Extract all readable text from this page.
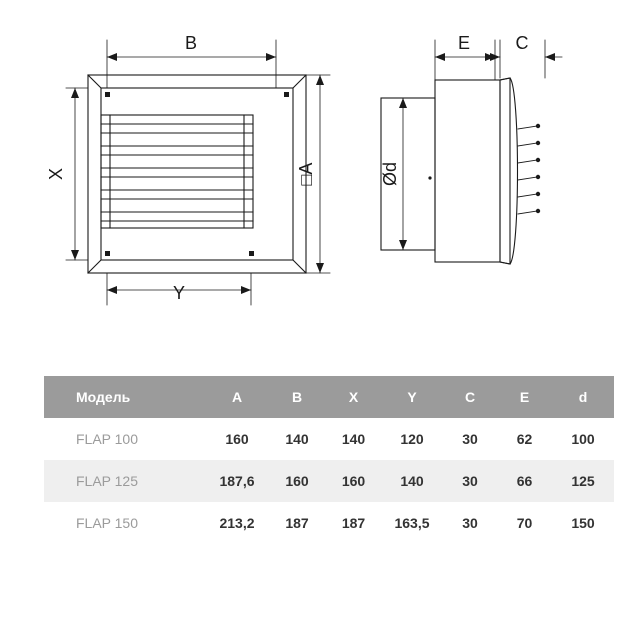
B
Y
E	C
X	□A	Ød
Модель	A	B	X	Y	C	E	d
FLAP 100	160	140	140	120	30	62	100
FLAP 125	187,6	160	160	140	30	66	125
FLAP 150	213,2	187	187	163,5	30	70	150
